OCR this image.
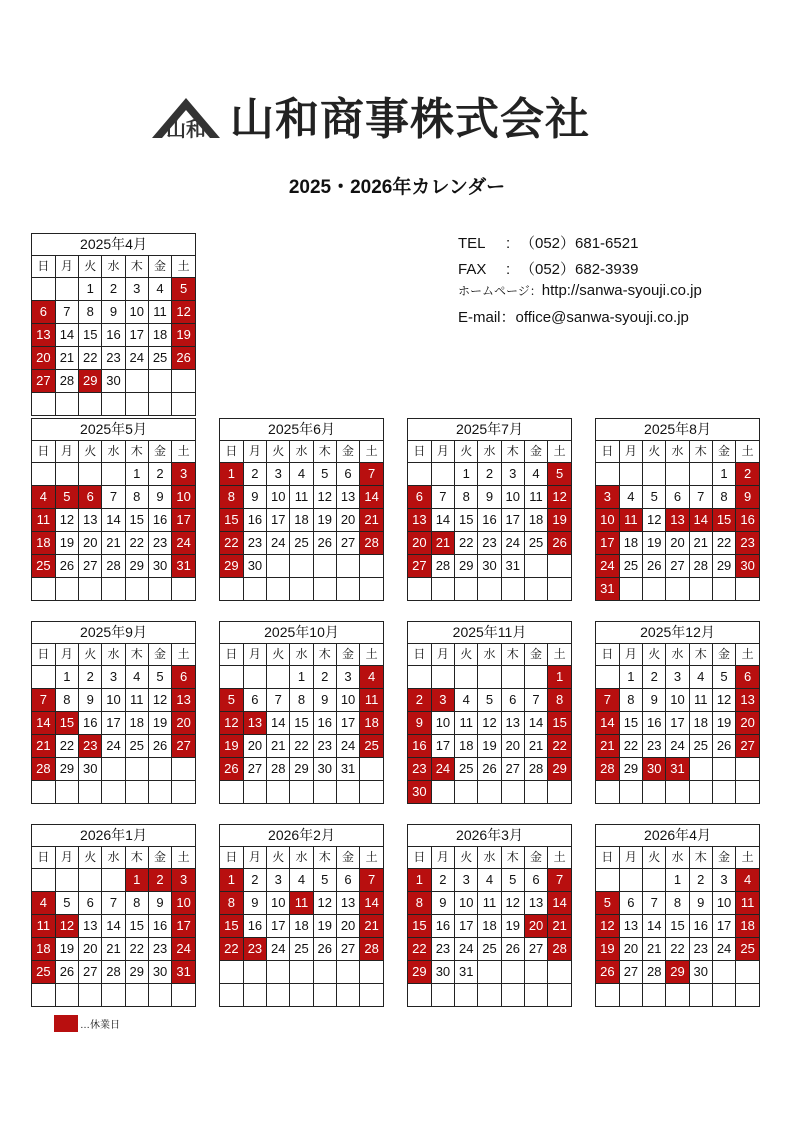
山和 山和商事株式会社
2025・2026年カレンダー
TEL : （052）681-6521
FAX : （052）682-3939
ホームページ：http://sanwa-syouji.co.jp
E-mail：office@sanwa-syouji.co.jp
2025年4月
日	月	火	水	木	金	土
		1	2	3	4	5
6	7	8	9	10	11	12
13	14	15	16	17	18	19
20	21	22	23	24	25	26
27	28	29	30			

2025年5月
日	月	火	水	木	金	土
				1	2	3
4	5	6	7	8	9	10
11	12	13	14	15	16	17
18	19	20	21	22	23	24
25	26	27	28	29	30	31

2025年6月
日	月	火	水	木	金	土
1	2	3	4	5	6	7
8	9	10	11	12	13	14
15	16	17	18	19	20	21
22	23	24	25	26	27	28
29	30					

2025年7月
日	月	火	水	木	金	土
		1	2	3	4	5
6	7	8	9	10	11	12
13	14	15	16	17	18	19
20	21	22	23	24	25	26
27	28	29	30	31		

2025年8月
日	月	火	水	木	金	土
					1	2
3	4	5	6	7	8	9
10	11	12	13	14	15	16
17	18	19	20	21	22	23
24	25	26	27	28	29	30
31						
2025年9月
日	月	火	水	木	金	土
	1	2	3	4	5	6
7	8	9	10	11	12	13
14	15	16	17	18	19	20
21	22	23	24	25	26	27
28	29	30				

2025年10月
日	月	火	水	木	金	土
			1	2	3	4
5	6	7	8	9	10	11
12	13	14	15	16	17	18
19	20	21	22	23	24	25
26	27	28	29	30	31	

2025年11月
日	月	火	水	木	金	土
						1
2	3	4	5	6	7	8
9	10	11	12	13	14	15
16	17	18	19	20	21	22
23	24	25	26	27	28	29
30						
2025年12月
日	月	火	水	木	金	土
	1	2	3	4	5	6
7	8	9	10	11	12	13
14	15	16	17	18	19	20
21	22	23	24	25	26	27
28	29	30	31			

2026年1月
日	月	火	水	木	金	土
				1	2	3
4	5	6	7	8	9	10
11	12	13	14	15	16	17
18	19	20	21	22	23	24
25	26	27	28	29	30	31

2026年2月
日	月	火	水	木	金	土
1	2	3	4	5	6	7
8	9	10	11	12	13	14
15	16	17	18	19	20	21
22	23	24	25	26	27	28

2026年3月
日	月	火	水	木	金	土
1	2	3	4	5	6	7
8	9	10	11	12	13	14
15	16	17	18	19	20	21
22	23	24	25	26	27	28
29	30	31				

2026年4月
日	月	火	水	木	金	土
			1	2	3	4
5	6	7	8	9	10	11
12	13	14	15	16	17	18
19	20	21	22	23	24	25
26	27	28	29	30		

…休業日
